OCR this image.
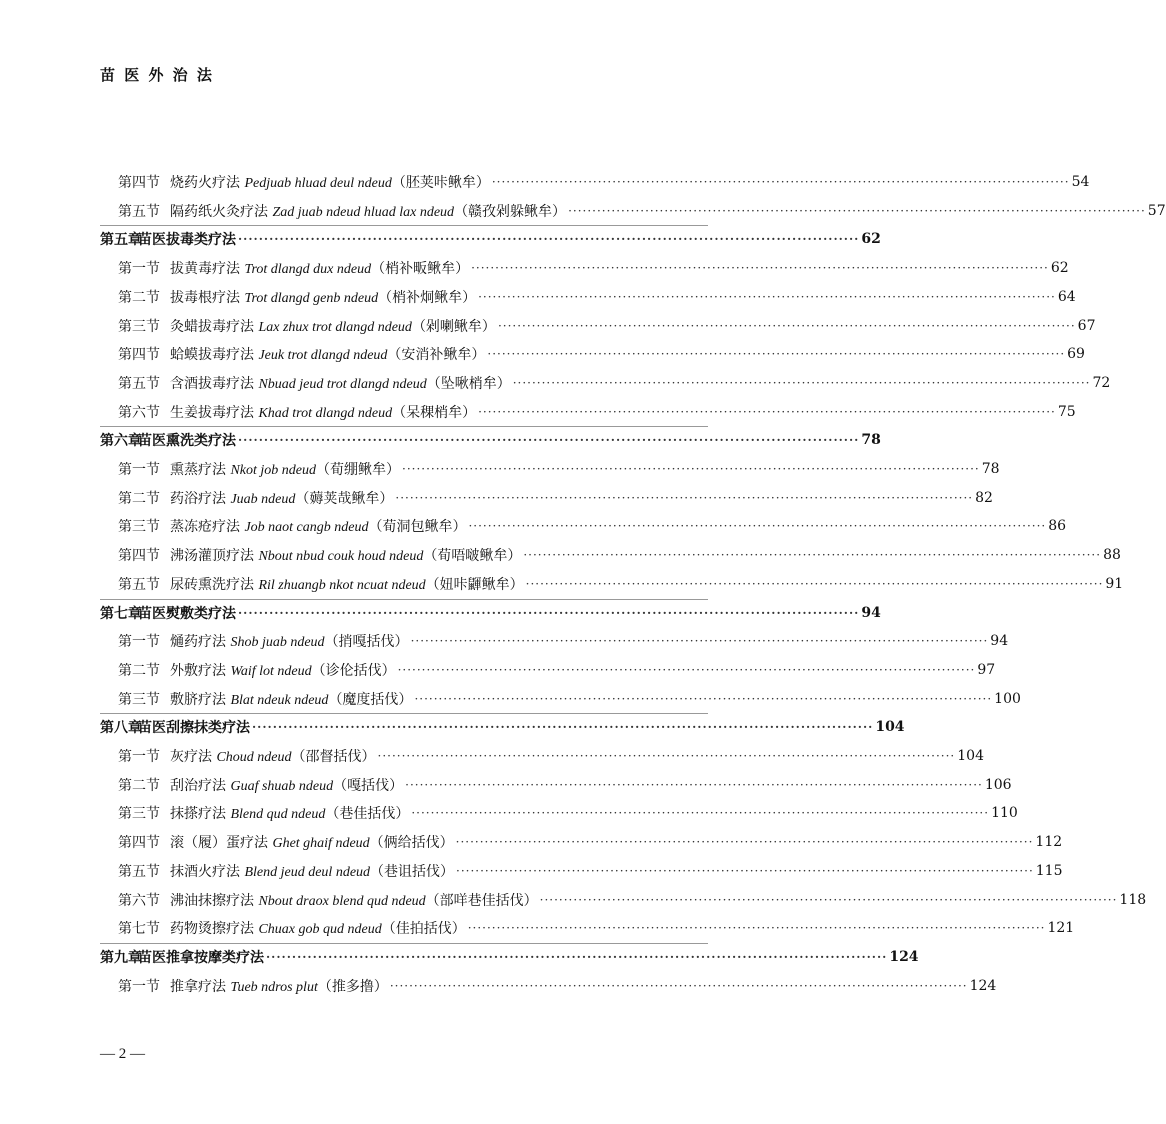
苗 医 外 治 法
第四节 烧药火疗法 Pedjuab hluad deul ndeud（胚荚咔鳅牟） ························································································································ 54
第五节 隔药纸火灸疗法 Zad juab ndeud hluad lax ndeud（赣孜剁躲鳅牟） ························································································································ 57
第五章苗医拔毒类疗法 ························································································································ 62
第一节 拔黄毒疗法 Trot dlangd dux ndeud（梢补畈鳅牟） ························································································································ 62
第二节 拔毒根疗法 Trot dlangd genb ndeud（梢补炯鳅牟） ························································································································ 64
第三节 灸蜡拔毒疗法 Lax zhux trot dlangd ndeud（剁喇鳅牟） ························································································································ 67
第四节 蛤蟆拔毒疗法 Jeuk trot dlangd ndeud（安消补鳅牟） ························································································································ 69
第五节 含酒拔毒疗法 Nbuad jeud trot dlangd ndeud（坠啾梢牟） ························································································································ 72
第六节 生姜拔毒疗法 Khad trot dlangd ndeud（呆稞梢牟） ························································································································ 75
第六章苗医熏洗类疗法 ························································································································ 78
第一节 熏蒸疗法 Nkot job ndeud（荀绷鳅牟） ························································································································ 78
第二节 药浴疗法 Juab ndeud（薅荚哉鳅牟） ························································································································ 82
第三节 蒸冻疮疗法 Job naot cangb ndeud（荀洞包鳅牟） ························································································································ 86
第四节 沸汤灌顶疗法 Nbout nbud couk houd ndeud（荀唔啵鳅牟） ························································································································ 88
第五节 尿砖熏洗疗法 Ril zhuangb nkot ncuat ndeud（妞咔鼲鳅牟） ························································································································ 91
第七章苗医熨敷类疗法 ························································································································ 94
第一节 熥药疗法 Shob juab ndeud（捎嘎括伐） ························································································································ 94
第二节 外敷疗法 Waif lot ndeud（诊伦括伐） ························································································································ 97
第三节 敷脐疗法 Blat ndeuk ndeud（魔度括伐） ························································································································ 100
第八章苗医刮擦抹类疗法 ························································································································ 104
第一节 灰疗法 Choud ndeud（邵督括伐） ························································································································ 104
第二节 刮治疗法 Guaf shuab ndeud（嘎括伐） ························································································································ 106
第三节 抹搽疗法 Blend qud ndeud（巷佳括伐） ························································································································ 110
第四节 滚（履）蛋疗法 Ghet ghaif ndeud（俩给括伐） ························································································································ 112
第五节 抹酒火疗法 Blend jeud deul ndeud（巷诅括伐） ························································································································ 115
第六节 沸油抹擦疗法 Nbout draox blend qud ndeud（部咩巷佳括伐） ························································································································ 118
第七节 药物烫擦疗法 Chuax gob qud ndeud（佳拍括伐） ························································································································ 121
第九章苗医推拿按摩类疗法 ························································································································ 124
第一节 推拿疗法 Tueb ndros plut（推多撸） ························································································································ 124
— 2 —
